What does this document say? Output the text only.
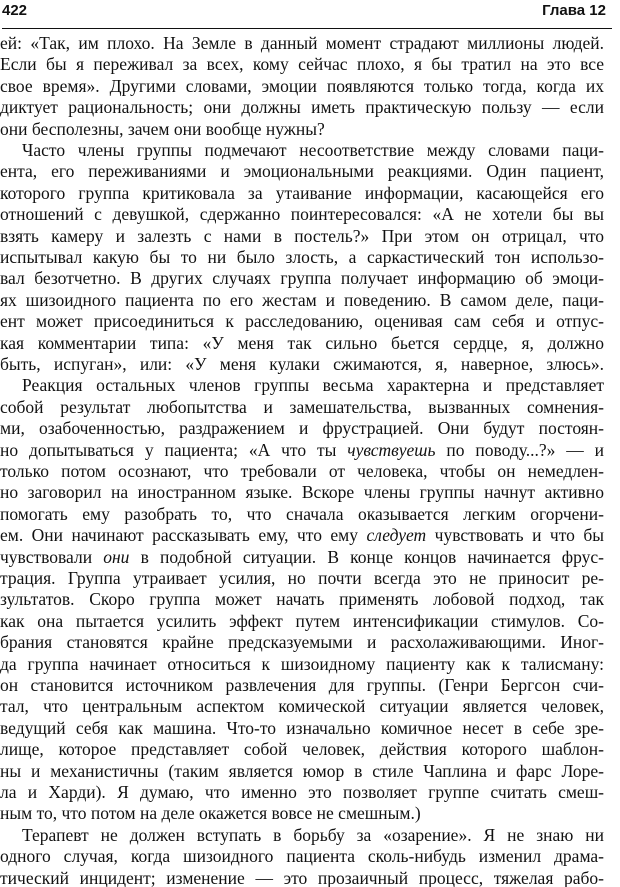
422	Глава 12
ей: «Так, им плохо. На Земле в данный момент страдают миллионы людей.
Если бы я переживал за всех, кому сейчас плохо, я бы тратил на это все
свое время». Другими словами, эмоции появляются только тогда, когда их
диктует рациональность; они должны иметь практическую пользу — если
они бесполезны, зачем они вообще нужны?
Часто члены группы подмечают несоответствие между словами паци-
ента, его переживаниями и эмоциональными реакциями. Один пациент,
которого группа критиковала за утаивание информации, касающейся его
отношений с девушкой, сдержанно поинтересовался: «А не хотели бы вы
взять камеру и залезть с нами в постель?» При этом он отрицал, что
испытывал какую бы то ни было злость, а саркастический тон использо-
вал безотчетно. В других случаях группа получает информацию об эмоци-
ях шизоидного пациента по его жестам и поведению. В самом деле, паци-
ент может присоединиться к расследованию, оценивая сам себя и отпус-
кая комментарии типа: «У меня так сильно бьется сердце, я, должно
быть, испуган», или: «У меня кулаки сжимаются, я, наверное, злюсь».
Реакция остальных членов группы весьма характерна и представляет
собой результат любопытства и замешательства, вызванных сомнения-
ми, озабоченностью, раздражением и фрустрацией. Они будут постоян-
но допытываться у пациента; «А что ты чувствуешь по поводу...?» — и
только потом осознают, что требовали от человека, чтобы он немедлен-
но заговорил на иностранном языке. Вскоре члены группы начнут активно
помогать ему разобрать то, что сначала оказывается легким огорчени-
ем. Они начинают рассказывать ему, что ему следует чувствовать и что бы
чувствовали они в подобной ситуации. В конце концов начинается фрус-
трация. Группа утраивает усилия, но почти всегда это не приносит ре-
зультатов. Скоро группа может начать применять лобовой подход, так
как она пытается усилить эффект путем интенсификации стимулов. Со-
брания становятся крайне предсказуемыми и расхолаживающими. Иног-
да группа начинает относиться к шизоидному пациенту как к талисману:
он становится источником развлечения для группы. (Генри Бергсон счи-
тал, что центральным аспектом комической ситуации является человек,
ведущий себя как машина. Что-то изначально комичное несет в себе зре-
лище, которое представляет собой человек, действия которого шаблон-
ны и механистичны (таким является юмор в стиле Чаплина и фарс Лоре-
ла и Харди). Я думаю, что именно это позволяет группе считать смеш-
ным то, что потом на деле окажется вовсе не смешным.)
Терапевт не должен вступать в борьбу за «озарение». Я не знаю ни
одного случая, когда шизоидного пациента сколь-нибудь изменил драма-
тический инцидент; изменение — это прозаичный процесс, тяжелая рабо-
